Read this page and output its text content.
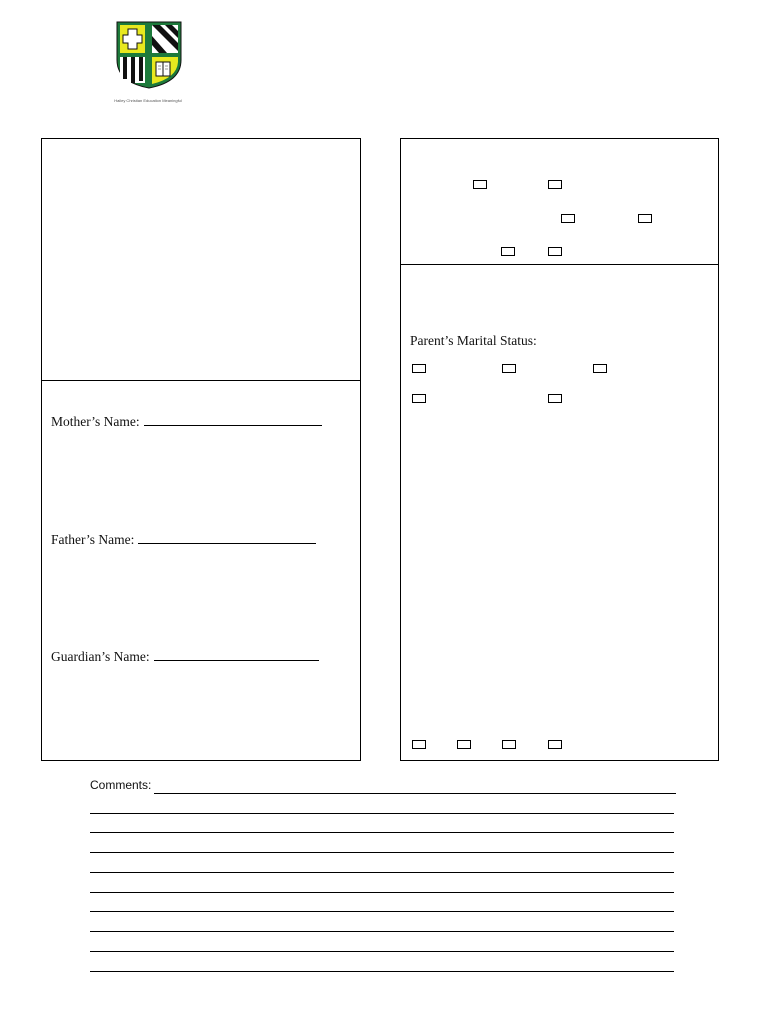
Hailey Christian Education Meaningful
Mother’s Name:
Father’s Name:
Guardian’s Name:
Parent’s Marital Status:
Comments:
